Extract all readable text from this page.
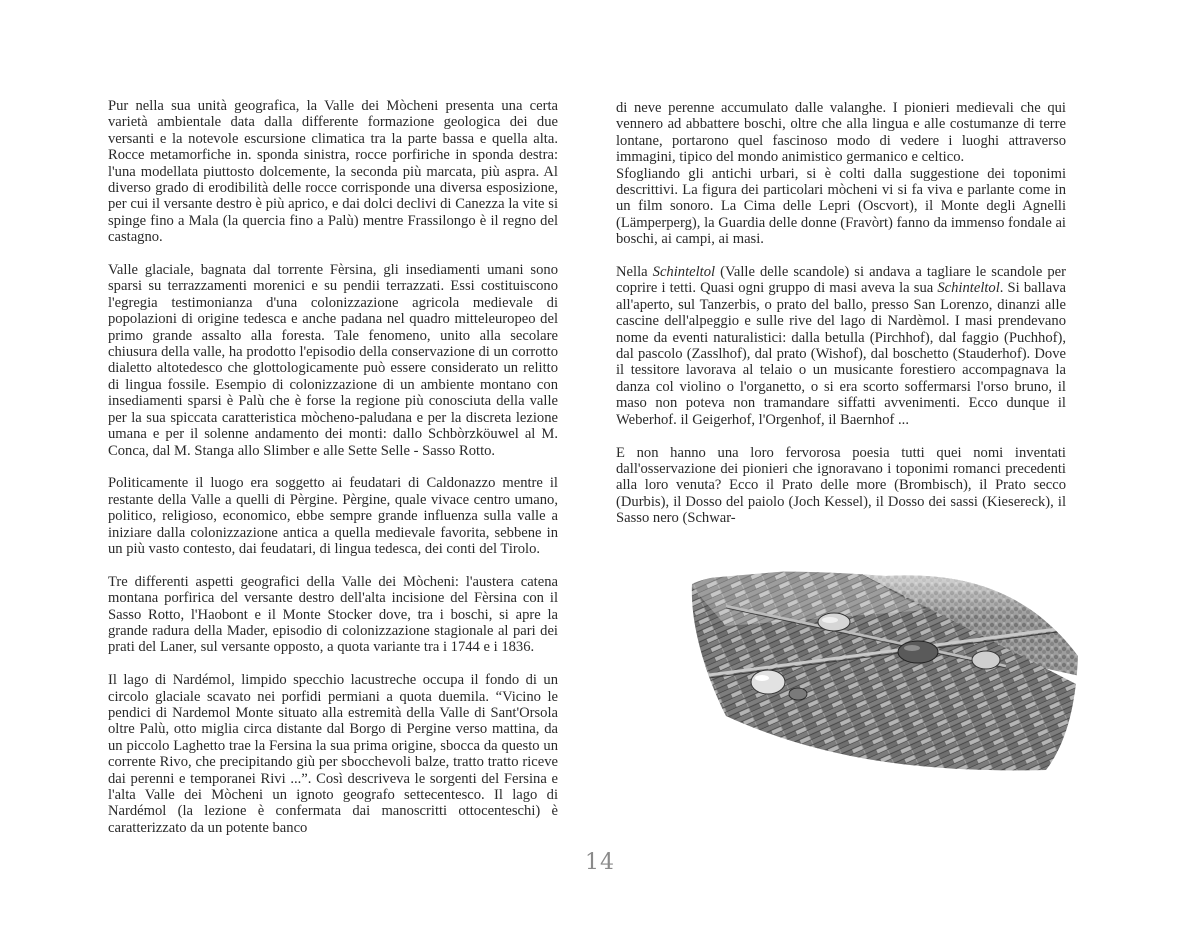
Pur nella sua unità geografica, la Valle dei Mòcheni presenta una certa varietà ambientale data dalla differente formazione geologica dei due versanti e la notevole escursione climatica tra la parte bassa e quella alta. Rocce metamorfiche in. sponda sinistra, rocce porfiriche in sponda destra: l'una modellata piuttosto dolcemente, la seconda più marcata, più aspra. Al diverso grado di erodibilità delle rocce corrisponde una diversa esposizione, per cui il versante destro è più aprico, e dai dolci declivi di Canezza la vite si spinge fino a Mala (la quercia fino a Palù) mentre Frassilongo è il regno del castagno.

Valle glaciale, bagnata dal torrente Fèrsina, gli insediamenti umani sono sparsi su terrazzamenti morenici e su pendii terrazzati. Essi costituiscono l'egregia testimonianza d'una colonizzazione agricola medievale di popolazioni di origine tedesca e anche padana nel quadro mitteleuropeo del primo grande assalto alla foresta. Tale fenomeno, unito alla secolare chiusura della valle, ha prodotto l'episodio della conservazione di un corrotto dialetto altotedesco che glottologicamente può essere considerato un relitto di lingua fossile. Esempio di colonizzazione di un ambiente montano con insediamenti sparsi è Palù che è forse la regione più conosciuta della valle per la sua spiccata caratteristica mòcheno-paludana e per la discreta lezione umana e per il solenne andamento dei monti: dallo Schbòrzköuwel al M. Conca, dal M. Stanga allo Slimber e alle Sette Selle - Sasso Rotto.

Politicamente il luogo era soggetto ai feudatari di Caldonazzo mentre il restante della Valle a quelli di Pèrgine. Pèrgine, quale vivace centro umano, politico, religioso, economico, ebbe sempre grande influenza sulla valle a iniziare dalla colonizzazione antica a quella medievale favorita, sebbene in un più vasto contesto, dai feudatari, di lingua tedesca, dei conti del Tirolo.

Tre differenti aspetti geografici della Valle dei Mòcheni: l'austera catena montana porfirica del versante destro dell'alta incisione del Fèrsina con il Sasso Rotto, l'Haobont e il Monte Stocker dove, tra i boschi, si apre la grande radura della Mader, episodio di colonizzazione stagionale al pari dei prati del Laner, sul versante opposto, a quota variante tra i 1744 e i 1836.

Il lago di Nardémol, limpido specchio lacustreche occupa il fondo di un circolo glaciale scavato nei porfidi permiani a quota duemila. “Vicino le pendici di Nardemol Monte situato alla estremità della Valle di Sant'Orsola oltre Palù, otto miglia circa distante dal Borgo di Pergine verso mattina, da un piccolo Laghetto trae la Fersina la sua prima origine, sbocca da questo un corrente Rivo, che precipitando giù per sbocchevoli balze, tratto tratto riceve dai perenni e temporanei Rivi ...”. Così descriveva le sorgenti del Fersina e l'alta Valle dei Mòcheni un ignoto geografo settecentesco. Il lago di Nardémol (la lezione è confermata dai manoscritti ottocenteschi) è caratterizzato da un potente banco

di neve perenne accumulato dalle valanghe. I pionieri medievali che qui vennero ad abbattere boschi, oltre che alla lingua e alle costumanze di terre lontane, portarono quel fascinoso modo di vedere i luoghi attraverso immagini, tipico del mondo animistico germanico e celtico.
Sfogliando gli antichi urbari, si è colti dalla suggestione dei toponimi descrittivi. La figura dei particolari mòcheni vi si fa viva e parlante come in un film sonoro. La Cima delle Lepri (Oscvort), il Monte degli Agnelli (Lämperperg), la Guardia delle donne (Fravòrt) fanno da immenso fondale ai boschi, ai campi, ai masi.

Nella Schinteltol (Valle delle scandole) si andava a tagliare le scandole per coprire i tetti. Quasi ogni gruppo di masi aveva la sua Schinteltol. Si ballava all'aperto, sul Tanzerbis, o prato del ballo, presso San Lorenzo, dinanzi alle cascine dell'alpeggio e sulle rive del lago di Nardèmol. I masi prendevano nome da eventi naturalistici: dalla betulla (Pirchhof), dal faggio (Puchhof), dal pascolo (Zasslhof), dal prato (Wishof), dal boschetto (Stauderhof). Dove il tessitore lavorava al telaio o un musicante forestiero accompagnava la danza col violino o l'organetto, o si era scorto soffermarsi l'orso bruno, il maso non poteva non tramandare siffatti avvenimenti. Ecco dunque il Weberhof. il Geigerhof, l'Orgenhof, il Baernhof ...

E non hanno una loro fervorosa poesia tutti quei nomi inventati dall'osservazione dei pionieri che ignoravano i toponimi romanci precedenti alla loro venuta? Ecco il Prato delle more (Brombisch), il Prato secco (Durbis), il Dosso del paiolo (Joch Kessel), il Dosso dei sassi (Kiesereck), il Sasso nero (Schwar-

14
